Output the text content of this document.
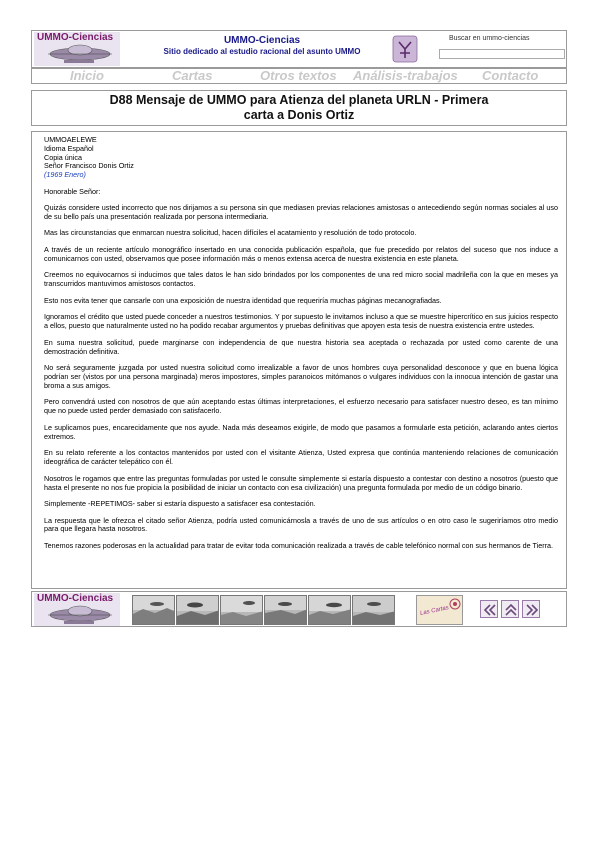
UMMO-Ciencias	UMMO-Ciencias
Sitio dedicado al estudio racional del asunto UMMO
Buscar en ummo-ciencias
Inicio	Cartas	Otros textos Análisis-trabajos Contacto
D88 Mensaje de UMMO para Atienza del planeta URLN - Primera
carta a Donis Ortiz
UMMOAELEWE
Idioma Español
Copia única
Señor Francisco Donis Ortiz
(1969 Enero)

Honorable Señor:

Quizás considere usted incorrecto que nos dirijamos a su persona sin que mediasen previas relaciones amistosas o antecediendo según normas sociales al uso de su bello país una presentación realizada por persona intermediaria.

Mas las circunstancias que enmarcan nuestra solicitud, hacen difíciles el acatamiento y resolución de todo protocolo.

A través de un reciente artículo monográfico insertado en una conocida publicación española, que fue precedido por relatos del suceso que nos induce a comunicarnos con usted, observamos que posee información más o menos extensa acerca de nuestra existencia en este planeta.

Creemos no equivocarnos si inducimos que tales datos le han sido brindados por los componentes de una red micro social madrileña con la que en meses ya transcurridos mantuvimos amistosos contactos.

Esto nos evita tener que cansarle con una exposición de nuestra identidad que requeriría muchas páginas mecanografiadas.

Ignoramos el crédito que usted puede conceder a nuestros testimonios. Y por supuesto le invitamos incluso a que se muestre hipercrítico en sus juicios respecto a ellos, puesto que naturalmente usted no ha podido recabar argumentos y pruebas definitivas que apoyen esta tesis de nuestra existencia entre ustedes.

En suma nuestra solicitud, puede marginarse con independencia de que nuestra historia sea aceptada o rechazada por usted como carente de una demostración definitiva.

No será seguramente juzgada por usted nuestra solicitud como irrealizable a favor de unos hombres cuya personalidad desconoce y que en buena lógica podrían ser (vistos por una persona marginada) meros impostores, simples paranoicos mitómanos o vulgares individuos con la innocua intención de gastar una broma a sus amigos.

Pero convendrá usted con nosotros de que aún aceptando estas últimas interpretaciones, el esfuerzo necesario para satisfacer nuestro deseo, es tan mínimo que no puede usted perder demasiado con satisfacerlo.

Le suplicamos pues, encarecidamente que nos ayude. Nada más deseamos exigirle, de modo que pasamos a formularle esta petición, aclarando antes ciertos extremos.

En su relato referente a los contactos mantenidos por usted con el visitante Atienza, Usted expresa que continúa manteniendo relaciones de comunicación ideográfica de carácter telepático con él.

Nosotros le rogamos que entre las preguntas formuladas por usted le consulte simplemente si estaría dispuesto a contestar con destino a nosotros (puesto que hasta el presente no nos fue propicia la posibilidad de iniciar un contacto con esa civilización) una pregunta formulada por medio de un código binario.

Simplemente -REPETIMOS- saber si estaría dispuesto a satisfacer esa contestación.

La respuesta que le ofrezca el citado señor Atienza, podría usted comunicárnosla a través de uno de sus artículos o en otro caso le sugeriríamos otro medio para que llegara hasta nosotros.

Tenemos razones poderosas en la actualidad para tratar de evitar toda comunicación realizada a través de cable telefónico normal con sus hermanos de Tierra.

UMMO-Ciencias
Las Cartas
